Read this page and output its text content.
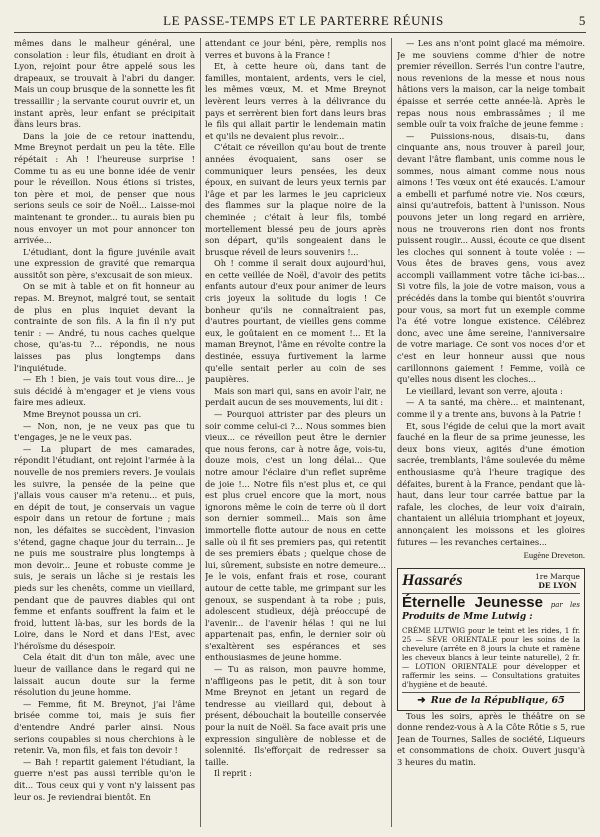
LE PASSE-TEMPS ET LE PARTERRE RÉUNIS	5

mêmes dans le malheur général, une consolation : leur fils, étudiant en droit à Lyon, rejoint pour être appelé sous les drapeaux, se trouvait à l'abri du danger. Mais un coup brusque de la sonnette les fit tressaillir ; la servante courut ouvrir et, un instant après, leur enfant se précipitait dans leurs bras.

Dans la joie de ce retour inattendu, Mme Breynot perdait un peu la tête. Elle répétait : Ah ! l'heureuse surprise ! Comme tu as eu une bonne idée de venir pour le réveillon. Nous étions si tristes, ton père et moi, de penser que nous serions seuls ce soir de Noël... Laisse-moi maintenant te gronder... tu aurais bien pu nous envoyer un mot pour annoncer ton arrivée...

L'étudiant, dont la figure juvénile avait une expression de gravité que remarqua aussitôt son père, s'excusait de son mieux.

On se mit à table et on fit honneur au repas. M. Breynot, malgré tout, se sentait de plus en plus inquiet devant la contrainte de son fils. A la fin il n'y put tenir : — André, tu nous caches quelque chose, qu'as-tu ?... répondis, ne nous laisses pas plus longtemps dans l'inquiétude.

— Eh ! bien, je vais tout vous dire... je suis décidé à m'engager et je viens vous faire mes adieux.

Mme Breynot poussa un cri.

— Non, non, je ne veux pas que tu t'engages, je ne le veux pas.

— La plupart de mes camarades, répondit l'étudiant, ont rejoint l'armée à la nouvelle de nos premiers revers. Je voulais les suivre, la pensée de la peine que j'allais vous causer m'a retenu... et puis, en dépit de tout, je conservais un vague espoir dans un retour de fortune ; mais non, les défaites se succèdent, l'invasion s'étend, gagne chaque jour du terrain... Je ne puis me soustraire plus longtemps à mon devoir... Jeune et robuste comme je suis, je serais un lâche si je restais les pieds sur les chenêts, comme un vieillard, pendant que de pauvres diables qui ont femme et enfants souffrent la faim et le froid, luttent là-bas, sur les bords de la Loire, dans le Nord et dans l'Est, avec l'héroïsme du désespoir.

Cela était dit d'un ton mâle, avec une lueur de vaillance dans le regard qui ne laissait aucun doute sur la ferme résolution du jeune homme.

— Femme, fit M. Breynot, j'ai l'âme brisée comme toi, mais je suis fier d'entendre André parler ainsi. Nous serions coupables si nous cherchions à le retenir. Va, mon fils, et fais ton devoir !

— Bah ! repartit gaiement l'étudiant, la guerre n'est pas aussi terrible qu'on le dit... Tous ceux qui y vont n'y laissent pas leur os. Je reviendrai bientôt. En

attendant ce jour béni, père, remplis nos verres et buvons à la France !

Et, à cette heure où, dans tant de familles, montaient, ardents, vers le ciel, les mêmes vœux, M. et Mme Breynot levèrent leurs verres à la délivrance du pays et serrèrent bien fort dans leurs bras le fils qui allait partir le lendemain matin et qu'ils ne devaient plus revoir...

C'était ce réveillon qu'au bout de trente années évoquaient, sans oser se communiquer leurs pensées, les deux époux, en suivant de leurs yeux ternis par l'âge et par les larmes le jeu capricieux des flammes sur la plaque noire de la cheminée ; c'était à leur fils, tombé mortellement blessé peu de jours après son départ, qu'ils songeaient dans le brusque réveil de leurs souvenirs !...

Oh ! comme il serait doux aujourd'hui, en cette veillée de Noël, d'avoir des petits enfants autour d'eux pour animer de leurs cris joyeux la solitude du logis ! Ce bonheur qu'ils ne connaîtraient pas, d'autres pourtant, de vieilles gens comme eux, le goûtaient en ce moment !... Et la maman Breynot, l'âme en révolte contre la destinée, essuya furtivement la larme qu'elle sentait perler au coin de ses paupières.

Mais son mari qui, sans en avoir l'air, ne perdait aucun de ses mouvements, lui dit :

— Pourquoi attrister par des pleurs un soir comme celui-ci ?... Nous sommes bien vieux... ce réveillon peut être le dernier que nous ferons, car à notre âge, vois-tu, douze mois, c'est un long délai... Que notre amour l'éclaire d'un reflet suprême de joie !... Notre fils n'est plus et, ce qui est plus cruel encore que la mort, nous ignorons même le coin de terre où il dort son dernier sommeil... Mais son âme immortelle flotte autour de nous en cette salle où il fit ses premiers pas, qui retentit de ses premiers ébats ; quelque chose de lui, sûrement, subsiste en notre demeure... Je le vois, enfant frais et rose, courant autour de cette table, me grimpant sur les genoux, se suspendant à ta robe ; puis, adolescent studieux, déjà préoccupé de l'avenir... de l'avenir hélas ! qui ne lui appartenait pas, enfin, le dernier soir où s'exaltèrent ses espérances et ses enthousiasmes de jeune homme.

— Tu as raison, mon pauvre homme, n'affligeons pas le petit, dit à son tour Mme Breynot en jetant un regard de tendresse au vieillard qui, debout à présent, débouchait la bouteille conservée pour la nuit de Noël. Sa face avait pris une expression singulière de noblesse et de solennité. Ils'efforçait de redresser sa taille.

Il reprit :

— Les ans n'ont point glacé ma mémoire. Je me souviens comme d'hier de notre premier réveillon. Serrés l'un contre l'autre, nous revenions de la messe et nous nous hâtions vers la maison, car la neige tombait épaisse et serrée cette année-là. Après le repas nous nous embrassâmes ; il me semble ouïr ta voix fraîche de jeune femme :

— Puissions-nous, disais-tu, dans cinquante ans, nous trouver à pareil jour, devant l'âtre flambant, unis comme nous le sommes, nous aimant comme nous nous aimons ! Tes vœux ont été exaucés. L'amour a embelli et parfumé notre vie. Nos cœurs, ainsi qu'autrefois, battent à l'unisson. Nous pouvons jeter un long regard en arrière, nous ne trouverons rien dont nos fronts puissent rougir... Aussi, écoute ce que disent les cloches qui sonnent à toute volée : — Vous êtes de braves gens, vous avez accompli vaillamment votre tâche ici-bas... Si votre fils, la joie de votre maison, vous a précédés dans la tombe qui bientôt s'ouvrira pour vous, sa mort fut un exemple comme l'a été votre longue existence. Célébrez donc, avec une âme sereine, l'anniversaire de votre mariage. Ce sont vos noces d'or et c'est en leur honneur aussi que nous carillonnons gaiement ! Femme, voilà ce qu'elles nous disent les cloches...

Le vieillard, levant son verre, ajouta :

— A ta santé, ma chère... et maintenant, comme il y a trente ans, buvons à la Patrie !

Et, sous l'égide de celui que la mort avait fauché en la fleur de sa prime jeunesse, les deux bons vieux, agités d'une émotion sacrée, tremblants, l'âme soulevée du même enthousiasme qu'à l'heure tragique des défaites, burent à la France, pendant que là-haut, dans leur tour carrée battue par la rafale, les cloches, de leur voix d'airain, chantaient un alléluia triomphant et joyeux, annonçaient les moissons et les gloires futures — les revanches certaines...

Eugène Dreveton.
Hassarés	1re Marque
DE LYON
Éternelle Jeunesse par les Produits de Mme Lutwig :
CRÈME LUTWIG pour le teint et les rides, 1 fr. 25 — SÈVE ORIENTALE pour les soins de la chevelure (arrête en 8 jours la chute et ramène les cheveux blancs à leur teinte naturelle), 2 fr. — LOTION ORIENTALE pour développer et raffermir les seins. — Consultations gratuites d'hygiène et de beauté.
➜ Rue de la République, 65

Tous les soirs, après le théâtre on se donne rendez-vous à A la Côte Rôtie s 5, rue Jean de Tournes, Salles de société, Liqueurs et consommations de choix. Ouvert jusqu'à 3 heures du matin.
